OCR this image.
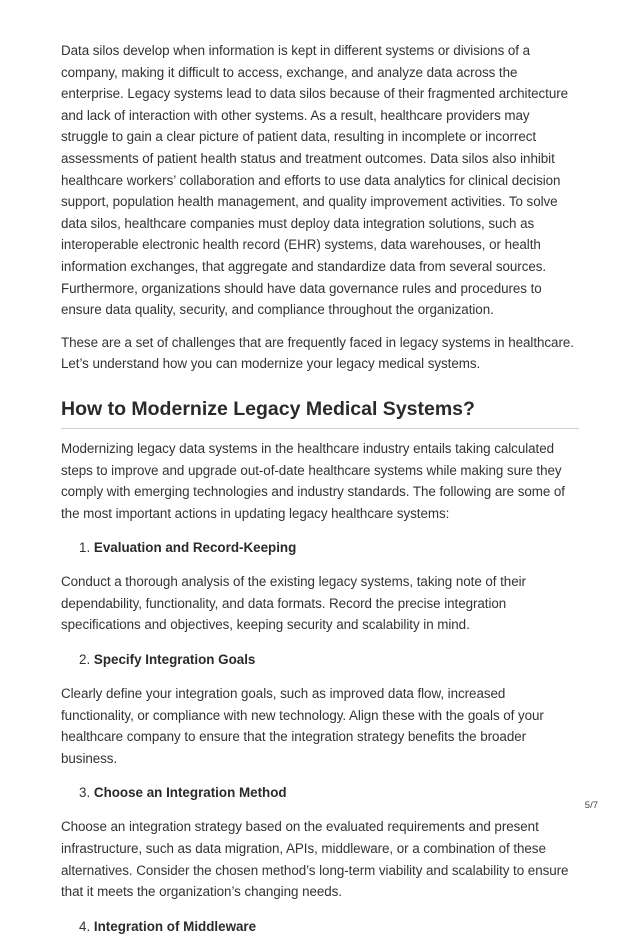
Data silos develop when information is kept in different systems or divisions of a company, making it difficult to access, exchange, and analyze data across the enterprise. Legacy systems lead to data silos because of their fragmented architecture and lack of interaction with other systems. As a result, healthcare providers may struggle to gain a clear picture of patient data, resulting in incomplete or incorrect assessments of patient health status and treatment outcomes. Data silos also inhibit healthcare workers’ collaboration and efforts to use data analytics for clinical decision support, population health management, and quality improvement activities. To solve data silos, healthcare companies must deploy data integration solutions, such as interoperable electronic health record (EHR) systems, data warehouses, or health information exchanges, that aggregate and standardize data from several sources. Furthermore, organizations should have data governance rules and procedures to ensure data quality, security, and compliance throughout the organization.

These are a set of challenges that are frequently faced in legacy systems in healthcare. Let’s understand how you can modernize your legacy medical systems.

How to Modernize Legacy Medical Systems?

Modernizing legacy data systems in the healthcare industry entails taking calculated steps to improve and upgrade out-of-date healthcare systems while making sure they comply with emerging technologies and industry standards. The following are some of the most important actions in updating legacy healthcare systems:

1. Evaluation and Record-Keeping

Conduct a thorough analysis of the existing legacy systems, taking note of their dependability, functionality, and data formats. Record the precise integration specifications and objectives, keeping security and scalability in mind.

2. Specify Integration Goals

Clearly define your integration goals, such as improved data flow, increased functionality, or compliance with new technology. Align these with the goals of your healthcare company to ensure that the integration strategy benefits the broader business.

3. Choose an Integration Method

Choose an integration strategy based on the evaluated requirements and present infrastructure, such as data migration, APIs, middleware, or a combination of these alternatives. Consider the chosen method’s long-term viability and scalability to ensure that it meets the organization’s changing needs.

4. Integration of Middleware
5/7
